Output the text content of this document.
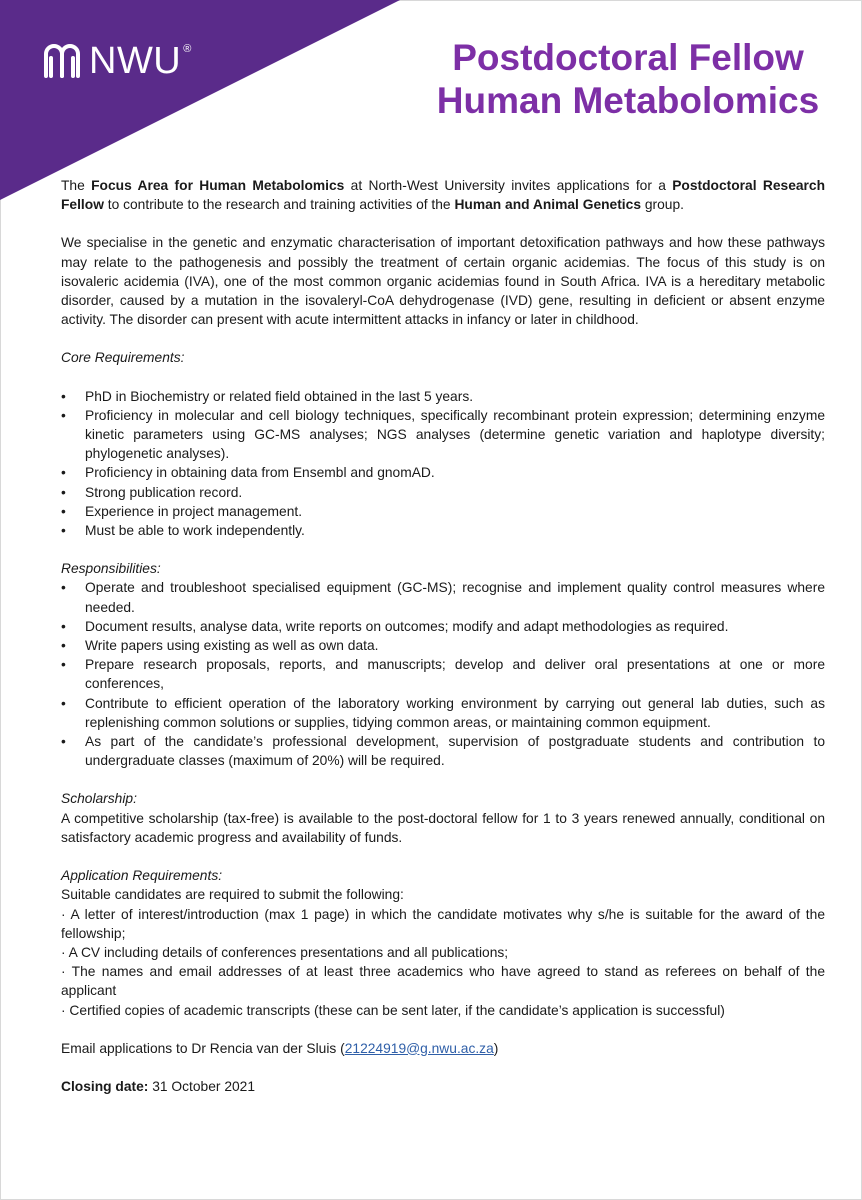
NWU ®	Postdoctoral Fellow
Human Metabolomics

The Focus Area for Human Metabolomics at North-West University invites applications for a Postdoctoral Research Fellow to contribute to the research and training activities of the Human and Animal Genetics group.

We specialise in the genetic and enzymatic characterisation of important detoxification pathways and how these pathways may relate to the pathogenesis and possibly the treatment of certain organic acidemias. The focus of this study is on isovaleric acidemia (IVA), one of the most common organic acidemias found in South Africa. IVA is a hereditary metabolic disorder, caused by a mutation in the isovaleryl-CoA dehydrogenase (IVD) gene, resulting in deficient or absent enzyme activity. The disorder can present with acute intermittent attacks in infancy or later in childhood.

Core Requirements:

• PhD in Biochemistry or related field obtained in the last 5 years.
• Proficiency in molecular and cell biology techniques, specifically recombinant protein expression; determining enzyme kinetic parameters using GC-MS analyses; NGS analyses (determine genetic variation and haplotype diversity; phylogenetic analyses).
• Proficiency in obtaining data from Ensembl and gnomAD.
• Strong publication record.
• Experience in project management.
• Must be able to work independently.

Responsibilities:

• Operate and troubleshoot specialised equipment (GC-MS); recognise and implement quality control measures where needed.
• Document results, analyse data, write reports on outcomes; modify and adapt methodologies as required.
• Write papers using existing as well as own data.
• Prepare research proposals, reports, and manuscripts; develop and deliver oral presentations at one or more conferences,
• Contribute to efficient operation of the laboratory working environment by carrying out general lab duties, such as replenishing common solutions or supplies, tidying common areas, or maintaining common equipment.
• As part of the candidate’s professional development, supervision of postgraduate students and contribution to undergraduate classes (maximum of 20%) will be required.

Scholarship:

A competitive scholarship (tax-free) is available to the post-doctoral fellow for 1 to 3 years renewed annually, conditional on satisfactory academic progress and availability of funds.

Application Requirements:

Suitable candidates are required to submit the following:

· A letter of interest/introduction (max 1 page) in which the candidate motivates why s/he is suitable for the award of the fellowship;

· A CV including details of conferences presentations and all publications;

· The names and email addresses of at least three academics who have agreed to stand as referees on behalf of the applicant

· Certified copies of academic transcripts (these can be sent later, if the candidate’s application is successful)

Email applications to Dr Rencia van der Sluis (21224919@g.nwu.ac.za)

Closing date: 31 October 2021
